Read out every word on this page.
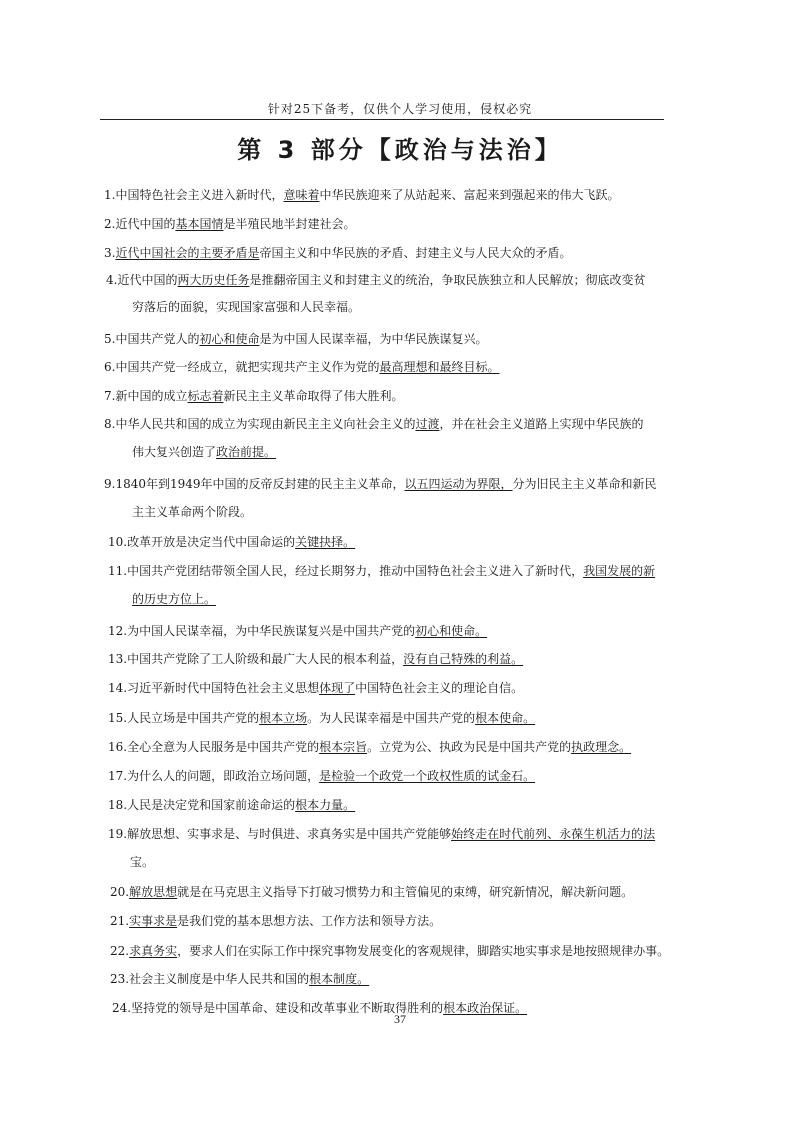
针对25下备考，仅供个人学习使用，侵权必究
第 3 部分【政治与法治】
1.中国特色社会主义进入新时代，意味着中华民族迎来了从站起来、富起来到强起来的伟大飞跃。
2.近代中国的基本国情是半殖民地半封建社会。
3.近代中国社会的主要矛盾是帝国主义和中华民族的矛盾、封建主义与人民大众的矛盾。
4.近代中国的两大历史任务是推翻帝国主义和封建主义的统治，争取民族独立和人民解放；彻底改变贫
穷落后的面貌，实现国家富强和人民幸福。
5.中国共产党人的初心和使命是为中国人民谋幸福，为中华民族谋复兴。
6.中国共产党一经成立，就把实现共产主义作为党的最高理想和最终目标。
7.新中国的成立标志着新民主主义革命取得了伟大胜利。
8.中华人民共和国的成立为实现由新民主主义向社会主义的过渡，并在社会主义道路上实现中华民族的
伟大复兴创造了政治前提。
9.1840年到1949年中国的反帝反封建的民主主义革命，以五四运动为界限，分为旧民主主义革命和新民
主主义革命两个阶段。
10.改革开放是决定当代中国命运的关键抉择。
11.中国共产党团结带领全国人民，经过长期努力，推动中国特色社会主义进入了新时代，我国发展的新
的历史方位上。
12.为中国人民谋幸福，为中华民族谋复兴是中国共产党的初心和使命。
13.中国共产党除了工人阶级和最广大人民的根本利益，没有自己特殊的利益。
14.习近平新时代中国特色社会主义思想体现了中国特色社会主义的理论自信。
15.人民立场是中国共产党的根本立场。为人民谋幸福是中国共产党的根本使命。
16.全心全意为人民服务是中国共产党的根本宗旨。立党为公、执政为民是中国共产党的执政理念。
17.为什么人的问题，即政治立场问题，是检验一个政党一个政权性质的试金石。
18.人民是决定党和国家前途命运的根本力量。
19.解放思想、实事求是、与时俱进、求真务实是中国共产党能够始终走在时代前列、永葆生机活力的法
宝。
20.解放思想就是在马克思主义指导下打破习惯势力和主管偏见的束缚，研究新情况，解决新问题。
21.实事求是是我们党的基本思想方法、工作方法和领导方法。
22.求真务实，要求人们在实际工作中探究事物发展变化的客观规律，脚踏实地实事求是地按照规律办事。
23.社会主义制度是中华人民共和国的根本制度。
24.坚持党的领导是中国革命、建设和改革事业不断取得胜利的根本政治保证。
37
